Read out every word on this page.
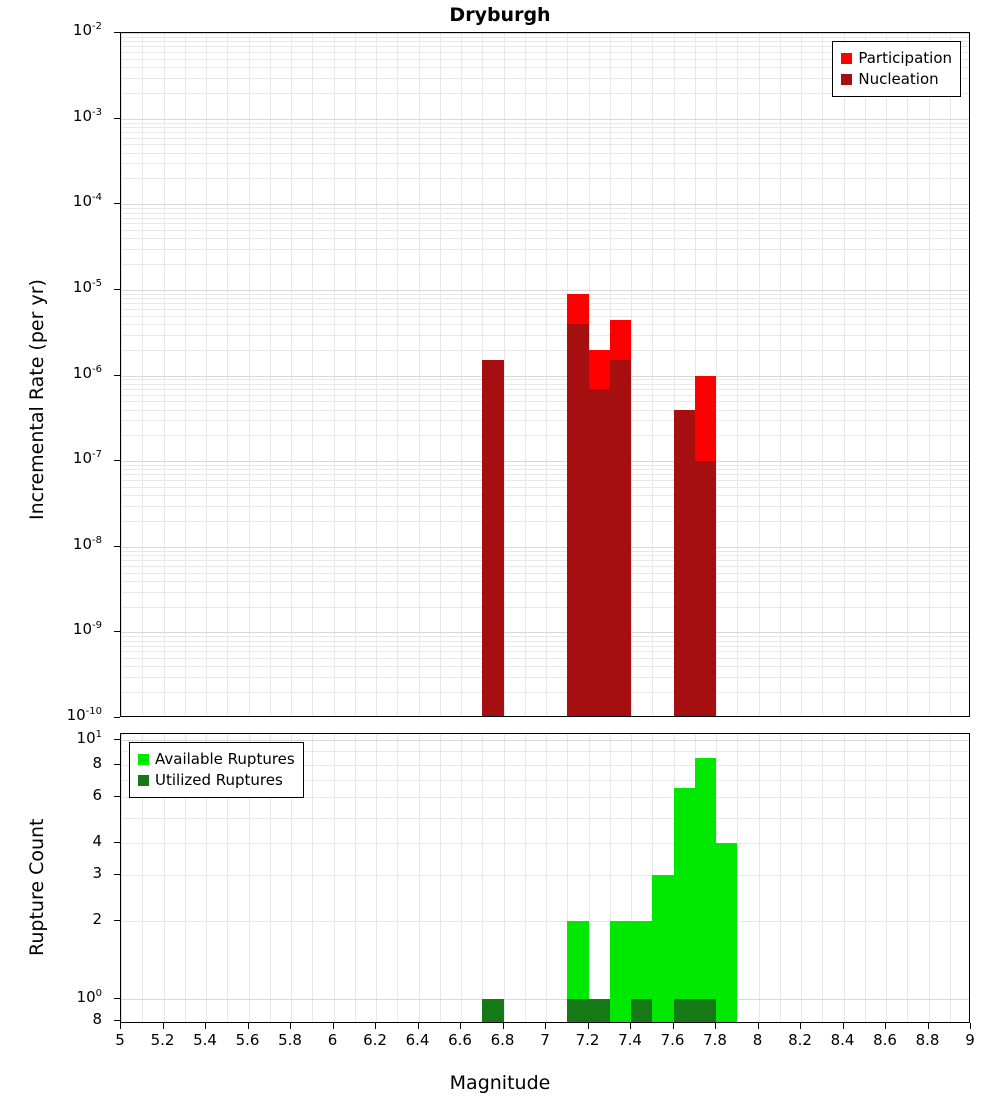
Dryburgh
Participation
Nucleation
$10^{-2}$
$10^{-3}$
$10^{-4}$
$10^{-5}$
$10^{-6}$
$10^{-7}$
$10^{-8}$
$10^{-9}$
$10^{-10}$
Incremental Rate (per yr)
Available Ruptures
Utilized Ruptures
$10^1$
8
6
4
3
2
$10^0$
8
Rupture Count
5	5.2	5.4	5.6	5.8	6	6.2	6.4	6.6	6.8	7	7.2	7.4	7.6	7.8	8	8.2	8.4	8.6	8.8	9
Magnitude
